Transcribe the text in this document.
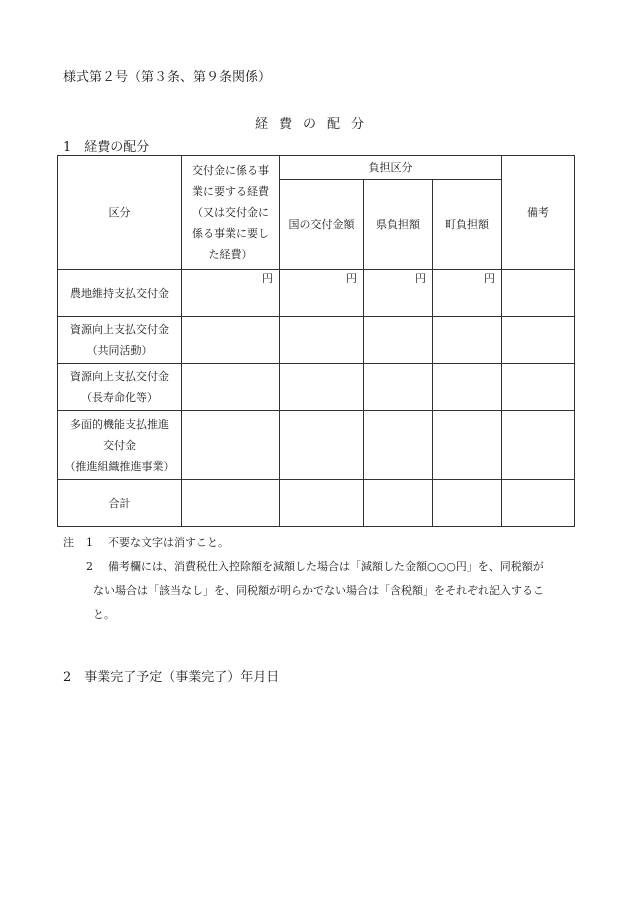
様式第２号（第３条、第９条関係）
経費の配分
1　経費の配分
区分	交付金に係る事
業に要する経費
（又は交付金に
係る事業に要し
た経費）	負担区分			備考
		国の交付金額	県負担額	町負担額	

農地維持支払交付金	円	円	円	円	

資源向上支払交付金
（共同活動）					

資源向上支払交付金
（長寿命化等）					

多面的機能支払推進
交付金
（推進組織推進事業）					

合計					

注	1	不要な文字は消すこと。
2	備考欄には、消費税仕入控除額を減額した場合は「減額した金額○○○円」を、同税額が
ない場合は「該当なし」を、同税額が明らかでない場合は「含税額」をそれぞれ記入するこ
と。
2　事業完了予定（事業完了）年月日
